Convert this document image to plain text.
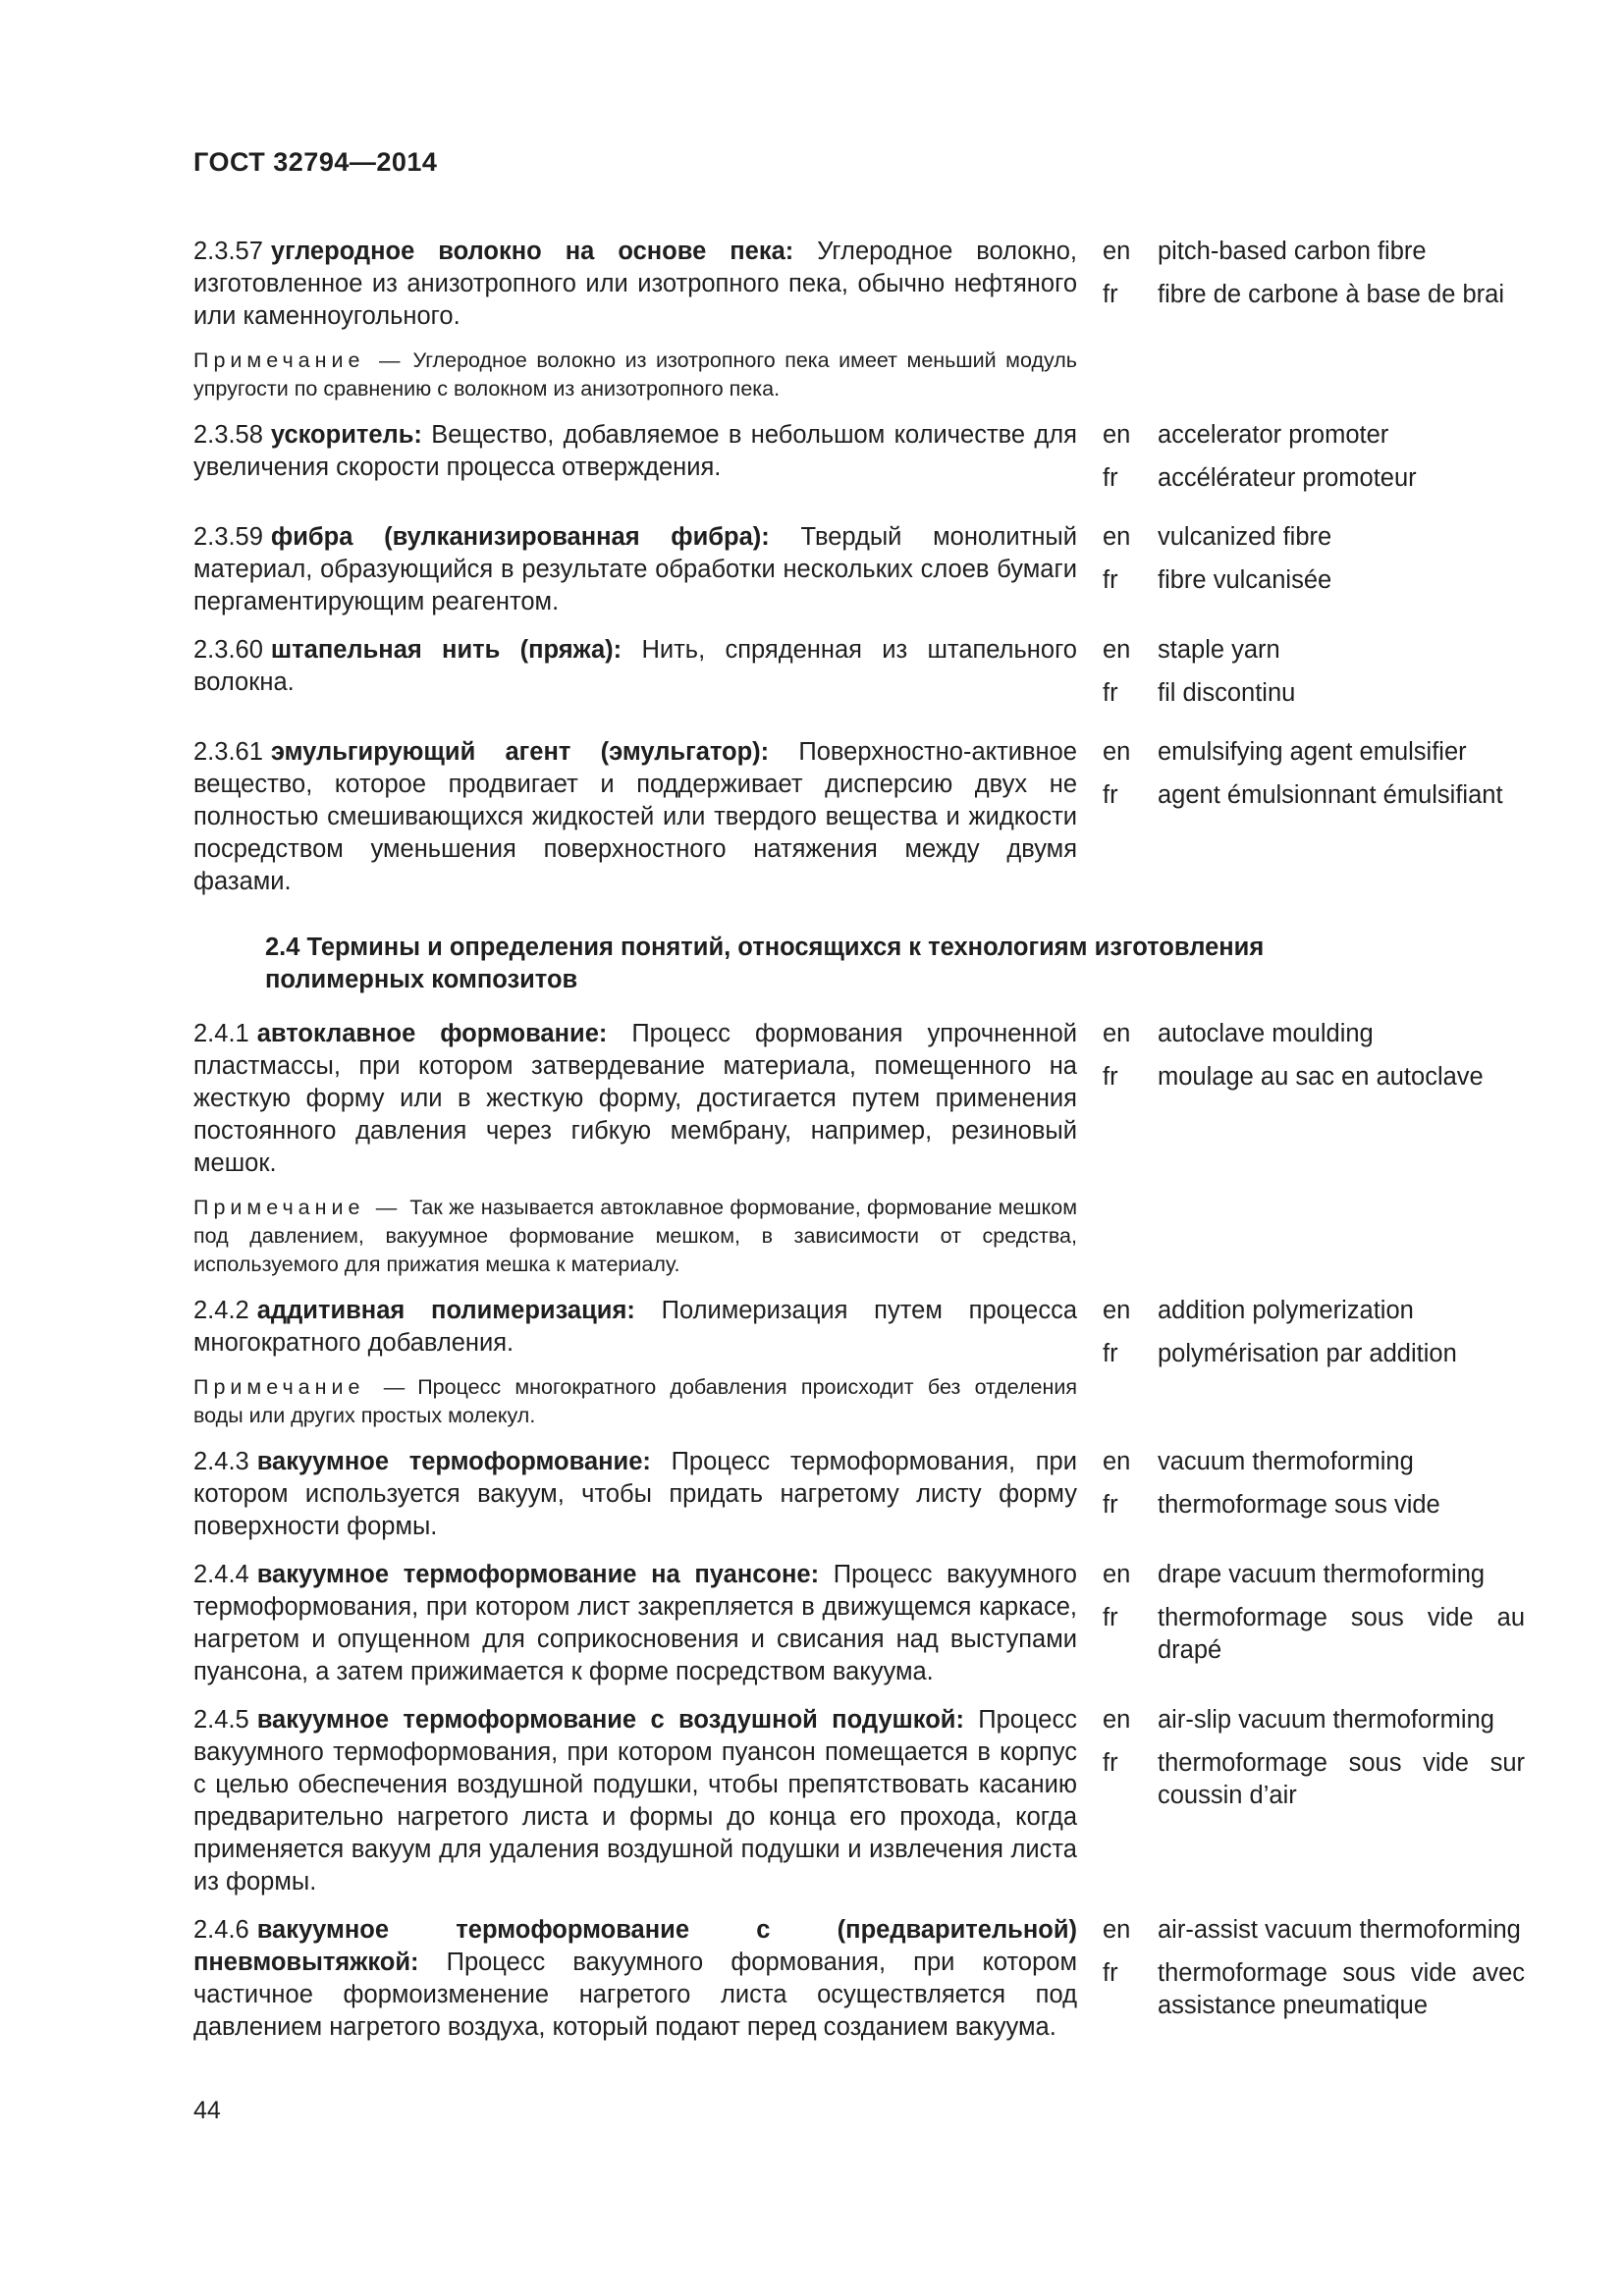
ГОСТ 32794—2014
2.3.57 углеродное волокно на основе пека: Углеродное волокно, изготовленное из анизотропного или изотропного пека, обычно нефтяного или каменноугольного.
Примечание — Углеродное волокно из изотропного пека имеет меньший модуль упругости по сравнению с волокном из анизотропного пека.
en	pitch-based carbon fibre
fr	fibre de carbone à base de brai
2.3.58 ускоритель: Вещество, добавляемое в небольшом количестве для увеличения скорости процесса отверждения.
en	accelerator promoter
fr	accélérateur promoteur
2.3.59 фибра (вулканизированная фибра): Твердый монолитный материал, образующийся в результате обработки нескольких слоев бумаги пергаментирующим реагентом.
en	vulcanized fibre
fr	fibre vulcanisée
2.3.60 штапельная нить (пряжа): Нить, спряденная из штапельного волокна.
en	staple yarn
fr	fil discontinu
2.3.61 эмульгирующий агент (эмульгатор): Поверхностно-активное вещество, которое продвигает и поддерживает дисперсию двух не полностью смешивающихся жидкостей или твердого вещества и жидкости посредством уменьшения поверхностного натяжения между двумя фазами.
en	emulsifying agent emulsifier
fr	agent émulsionnant émulsifiant
2.4 Термины и определения понятий, относящихся к технологиям изготовления полимерных композитов
2.4.1 автоклавное формование: Процесс формования упрочненной пластмассы, при котором затвердевание материала, помещенного на жесткую форму или в жесткую форму, достигается путем применения постоянного давления через гибкую мембрану, например, резиновый мешок.
Примечание — Так же называется автоклавное формование, формование мешком под давлением, вакуумное формование мешком, в зависимости от средства, используемого для прижатия мешка к материалу.
en	autoclave moulding
fr	moulage au sac en autoclave
2.4.2 аддитивная полимеризация: Полимеризация путем процесса многократного добавления.
Примечание — Процесс многократного добавления происходит без отделения воды или других простых молекул.
en	addition polymerization
fr	polymérisation par addition
2.4.3 вакуумное термоформование: Процесс термоформования, при котором используется вакуум, чтобы придать нагретому листу форму поверхности формы.
en	vacuum thermoforming
fr	thermoformage sous vide
2.4.4 вакуумное термоформование на пуансоне: Процесс вакуумного термоформования, при котором лист закрепляется в движущемся каркасе, нагретом и опущенном для соприкосновения и свисания над выступами пуансона, а затем прижимается к форме посредством вакуума.
en	drape vacuum thermoforming
fr	thermoformage sous vide au drapé
2.4.5 вакуумное термоформование с воздушной подушкой: Процесс вакуумного термоформования, при котором пуансон помещается в корпус с целью обеспечения воздушной подушки, чтобы препятствовать касанию предварительно нагретого листа и формы до конца его прохода, когда применяется вакуум для удаления воздушной подушки и извлечения листа из формы.
en	air-slip vacuum thermoforming
fr	thermoformage sous vide sur coussin d’air
2.4.6 вакуумное термоформование с (предварительной) пневмовытяжкой: Процесс вакуумного формования, при котором частичное формоизменение нагретого листа осуществляется под давлением нагретого воздуха, который подают перед созданием вакуума.
en	air-assist vacuum thermoforming
fr	thermoformage sous vide avec assistance pneumatique
44
